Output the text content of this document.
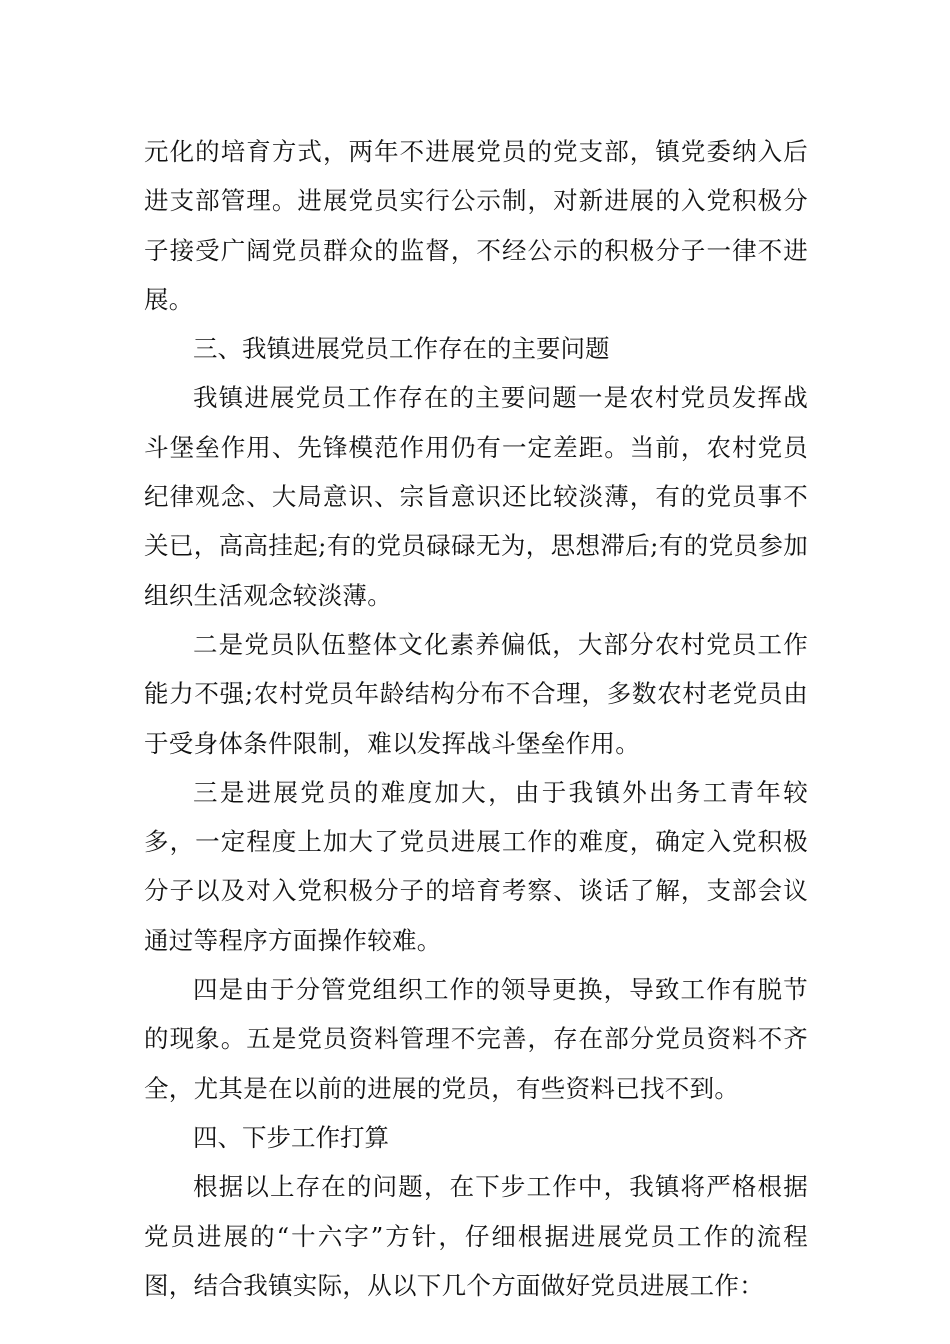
元化的培育方式，两年不进展党员的党支部，镇党委纳入后进支部管理。进展党员实行公示制，对新进展的入党积极分子接受广阔党员群众的监督，不经公示的积极分子一律不进展。

三、我镇进展党员工作存在的主要问题

我镇进展党员工作存在的主要问题一是农村党员发挥战斗堡垒作用、先锋模范作用仍有一定差距。当前，农村党员纪律观念、大局意识、宗旨意识还比较淡薄，有的党员事不关已，高高挂起;有的党员碌碌无为，思想滞后;有的党员参加组织生活观念较淡薄。

二是党员队伍整体文化素养偏低，大部分农村党员工作能力不强;农村党员年龄结构分布不合理，多数农村老党员由于受身体条件限制，难以发挥战斗堡垒作用。

三是进展党员的难度加大，由于我镇外出务工青年较多，一定程度上加大了党员进展工作的难度，确定入党积极分子以及对入党积极分子的培育考察、谈话了解，支部会议通过等程序方面操作较难。

四是由于分管党组织工作的领导更换，导致工作有脱节的现象。五是党员资料管理不完善，存在部分党员资料不齐全，尤其是在以前的进展的党员，有些资料已找不到。

四、下步工作打算

根据以上存在的问题，在下步工作中，我镇将严格根据党员进展的“十六字”方针，仔细根据进展党员工作的流程图，结合我镇实际，从以下几个方面做好党员进展工作：
